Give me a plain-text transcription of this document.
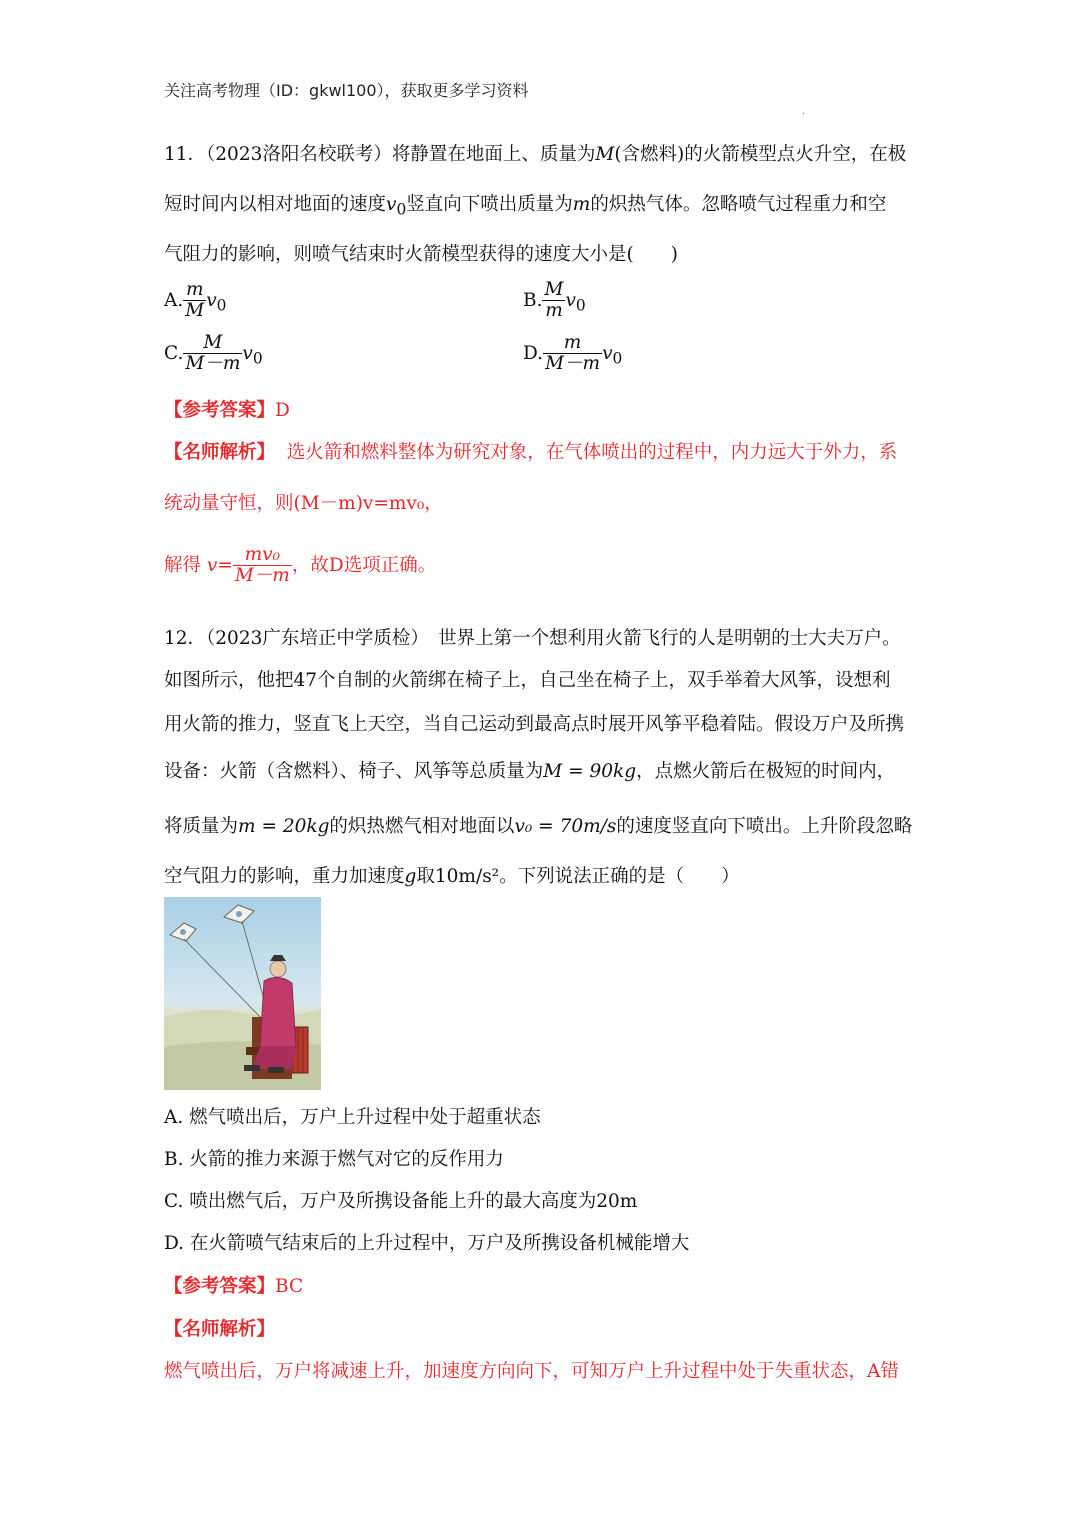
关注高考物理（ID：gkwl100），获取更多学习资料
.
11．（2023洛阳名校联考）将静置在地面上、质量为M(含燃料)的火箭模型点火升空，在极
短时间内以相对地面的速度$v_0$竖直向下喷出质量为m的炽热气体。忽略喷气过程重力和空
气阻力的影响，则喷气结束时火箭模型获得的速度大小是(　　)
A. $\frac{m}{M} v_0$	B. $\frac{M}{m} v_0$
C. $\frac{M}{M-m} v_0$	D. $\frac{m}{M-m} v_0$
【参考答案】D
【名师解析】 选火箭和燃料整体为研究对象，在气体喷出的过程中，内力远大于外力，系
统动量守恒，则(M－m)v=mv₀，
解得 $v= \frac{\text{mv₀}}{M-m}$ ，故D选项正确。
12．（2023广东培正中学质检）　世界上第一个想利用火箭飞行的人是明朝的士大夫万户。
如图所示，他把47个自制的火箭绑在椅子上，自己坐在椅子上，双手举着大风筝，设想利
用火箭的推力，竖直飞上天空，当自己运动到最高点时展开风筝平稳着陆。假设万户及所携
设备：火箭（含燃料）、椅子、风筝等总质量为M = 90kg，点燃火箭后在极短的时间内，
将质量为m = 20kg的炽热燃气相对地面以v₀ = 70m/s的速度竖直向下喷出。上升阶段忽略
空气阻力的影响，重力加速度g取10m/s²。下列说法正确的是（　　）
A. 燃气喷出后，万户上升过程中处于超重状态
B. 火箭的推力来源于燃气对它的反作用力
C. 喷出燃气后，万户及所携设备能上升的最大高度为20m
D. 在火箭喷气结束后的上升过程中，万户及所携设备机械能增大
【参考答案】BC
【名师解析】
燃气喷出后，万户将减速上升，加速度方向向下，可知万户上升过程中处于失重状态，A错
